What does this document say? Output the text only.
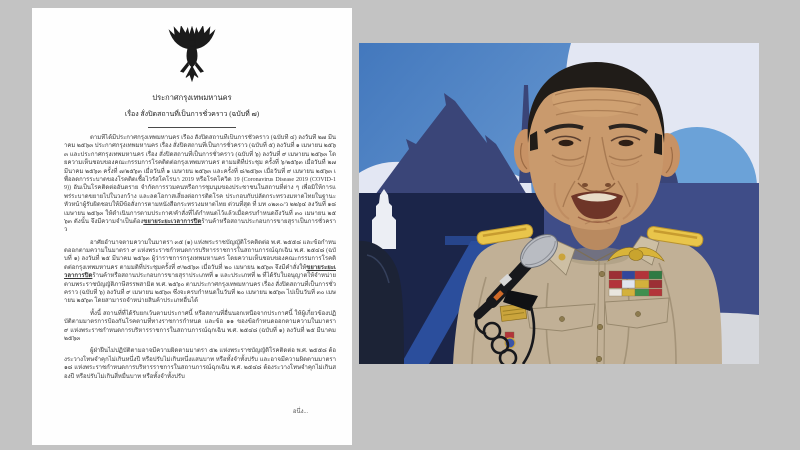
ประกาศกรุงเทพมหานคร
เรื่อง สั่งปิดสถานที่เป็นการชั่วคราว (ฉบับที่ ๗)

ตามที่ได้มีประกาศกรุงเทพมหานคร เรื่อง สั่งปิดสถานที่เป็นการชั่วคราว (ฉบับที่ ๔) ลงวันที่ ๒๗ มีนาคม ๒๕๖๓ ประกาศกรุงเทพมหานคร เรื่อง สั่งปิดสถานที่เป็นการชั่วคราว (ฉบับที่ ๕) ลงวันที่ ๑ เมษายน ๒๕๖๓ และประกาศกรุงเทพมหานคร เรื่อง สั่งปิดสถานที่เป็นการชั่วคราว (ฉบับที่ ๖) ลงวันที่ ๙ เมษายน ๒๕๖๓ โดยความเห็นชอบของคณะกรรมการโรคติดต่อกรุงเทพมหานคร ตามมติที่ประชุม ครั้งที่ ๖/๒๕๖๓ เมื่อวันที่ ๒๗ มีนาคม ๒๕๖๓ ครั้งที่ ๗/๒๕๖๓ เมื่อวันที่ ๑ เมษายน ๒๕๖๓ และครั้งที่ ๘/๒๕๖๓ เมื่อวันที่ ๙ เมษายน ๒๕๖๓ เพื่อลดการระบาดของโรคติดเชื้อไวรัสโคโรนา 2019 หรือโรคโควิด 19 (Coronavirus Disease 2019 (COVID-19)) อันเป็นโรคติดต่ออันตราย จำกัดการรวมคนหรือการชุมนุมของประชาชนในสถานที่ต่าง ๆ เพื่อมิให้การแพร่ระบาดขยายไปในวงกว้าง และลดโอกาสเสี่ยงต่อการติดโรค ประกอบกับปลัดกระทรวงมหาดไทยในฐานะหัวหน้าผู้รับผิดชอบให้มีข้อสั่งการตามหนังสือกระทรวงมหาดไทย ด่วนที่สุด ที่ มท ๐๒๓๐/ว ๒๒๖๔ ลงวันที่ ๑๘ เมษายน ๒๕๖๓ ให้ดำเนินการตามประกาศ/คำสั่งที่ได้กำหนดไว้แล้วเมื่อครบกำหนดถึงวันที่ ๓๐ เมษายน ๒๕๖๓ ดังนั้น จึงมีความจำเป็นต้องขยายระยะเวลาการปิดร้านค้าหรือสถานประกอบการขายสุราเป็นการชั่วคราว

อาศัยอำนาจตามความในมาตรา ๓๕ (๑) แห่งพระราชบัญญัติโรคติดต่อ พ.ศ. ๒๕๕๘ และข้อกำหนดออกตามความในมาตรา ๙ แห่งพระราชกำหนดการบริหารราชการในสถานการณ์ฉุกเฉิน พ.ศ. ๒๕๔๘ (ฉบับที่ ๑) ลงวันที่ ๒๕ มีนาคม ๒๕๖๓ ผู้ว่าราชการกรุงเทพมหานคร โดยความเห็นชอบของคณะกรรมการโรคติดต่อกรุงเทพมหานคร ตามมติที่ประชุมครั้งที่ ๙/๒๕๖๓ เมื่อวันที่ ๒๐ เมษายน ๒๕๖๓ จึงมีคำสั่งให้ขยายระยะเวลาการปิดร้านค้าหรือสถานประกอบการขายสุราประเภทที่ ๑ และประเภทที่ ๒ ที่ได้รับใบอนุญาตให้จำหน่ายตามพระราชบัญญัติภาษีสรรพสามิต พ.ศ. ๒๕๖๐ ตามประกาศกรุงเทพมหานคร เรื่อง สั่งปิดสถานที่เป็นการชั่วคราว (ฉบับที่ ๖) ลงวันที่ ๙ เมษายน ๒๕๖๓ ซึ่งจะครบกำหนดในวันที่ ๒๐ เมษายน ๒๕๖๓ ไปเป็นวันที่ ๓๐ เมษายน ๒๕๖๓ โดยสามารถจำหน่ายสินค้าประเภทอื่นได้

ทั้งนี้ สถานที่ที่ได้รับยกเว้นตามประกาศนี้ หรือสถานที่อื่นนอกเหนือจากประกาศนี้ ให้ผู้เกี่ยวข้องปฏิบัติตามมาตรการป้องกันโรคตามที่ทางราชการกำหนด และข้อ ๑๑ ของข้อกำหนดออกตามความในมาตรา ๙ แห่งพระราชกำหนดการบริหารราชการในสถานการณ์ฉุกเฉิน พ.ศ. ๒๕๔๘ (ฉบับที่ ๑) ลงวันที่ ๒๕ มีนาคม ๒๕๖๓

ผู้ฝ่าฝืนไม่ปฏิบัติตามอาจมีความผิดตามมาตรา ๕๒ แห่งพระราชบัญญัติโรคติดต่อ พ.ศ. ๒๕๕๘ ต้องระวางโทษจำคุกไม่เกินหนึ่งปี หรือปรับไม่เกินหนึ่งแสนบาท หรือทั้งจำทั้งปรับ และอาจมีความผิดตามมาตรา ๑๘ แห่งพระราชกำหนดการบริหารราชการในสถานการณ์ฉุกเฉิน พ.ศ. ๒๕๔๘ ต้องระวางโทษจำคุกไม่เกินสองปี หรือปรับไม่เกินสี่หมื่นบาท หรือทั้งจำทั้งปรับ

อนึ่ง...
